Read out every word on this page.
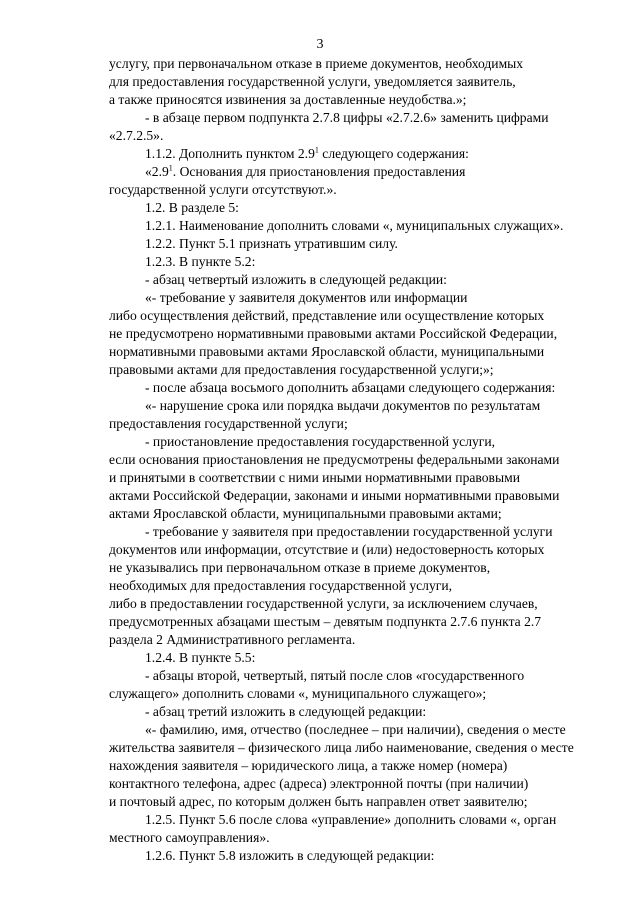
3
услугу, при первоначальном отказе в приеме документов, необходимых
для предоставления государственной услуги, уведомляется заявитель,
а также приносятся извинения за доставленные неудобства.»;
- в абзаце первом подпункта 2.7.8 цифры «2.7.2.6» заменить цифрами
«2.7.2.5».
1.1.2. Дополнить пунктом $2.9^1$ следующего содержания:
«$2.9^1$. Основания для приостановления предоставления
государственной услуги отсутствуют.».
1.2. В разделе 5:
1.2.1. Наименование дополнить словами «, муниципальных служащих».
1.2.2. Пункт 5.1 признать утратившим силу.
1.2.3. В пункте 5.2:
- абзац четвертый изложить в следующей редакции:
«- требование у заявителя документов или информации
либо осуществления действий, представление или осуществление которых
не предусмотрено нормативными правовыми актами Российской Федерации,
нормативными правовыми актами Ярославской области, муниципальными
правовыми актами для предоставления государственной услуги;»;
- после абзаца восьмого дополнить абзацами следующего содержания:
«- нарушение срока или порядка выдачи документов по результатам
предоставления государственной услуги;
- приостановление предоставления государственной услуги,
если основания приостановления не предусмотрены федеральными законами
и принятыми в соответствии с ними иными нормативными правовыми
актами Российской Федерации, законами и иными нормативными правовыми
актами Ярославской области, муниципальными правовыми актами;
- требование у заявителя при предоставлении государственной услуги
документов или информации, отсутствие и (или) недостоверность которых
не указывались при первоначальном отказе в приеме документов,
необходимых для предоставления государственной услуги,
либо в предоставлении государственной услуги, за исключением случаев,
предусмотренных абзацами шестым – девятым подпункта 2.7.6 пункта 2.7
раздела 2 Административного регламента.
1.2.4. В пункте 5.5:
- абзацы второй, четвертый, пятый после слов «государственного
служащего» дополнить словами «, муниципального служащего»;
- абзац третий изложить в следующей редакции:
«- фамилию, имя, отчество (последнее – при наличии), сведения о месте
жительства заявителя – физического лица либо наименование, сведения о месте
нахождения заявителя – юридического лица, а также номер (номера)
контактного телефона, адрес (адреса) электронной почты (при наличии)
и почтовый адрес, по которым должен быть направлен ответ заявителю;
1.2.5. Пункт 5.6 после слова «управление» дополнить словами «, орган
местного самоуправления».
1.2.6. Пункт 5.8 изложить в следующей редакции:
